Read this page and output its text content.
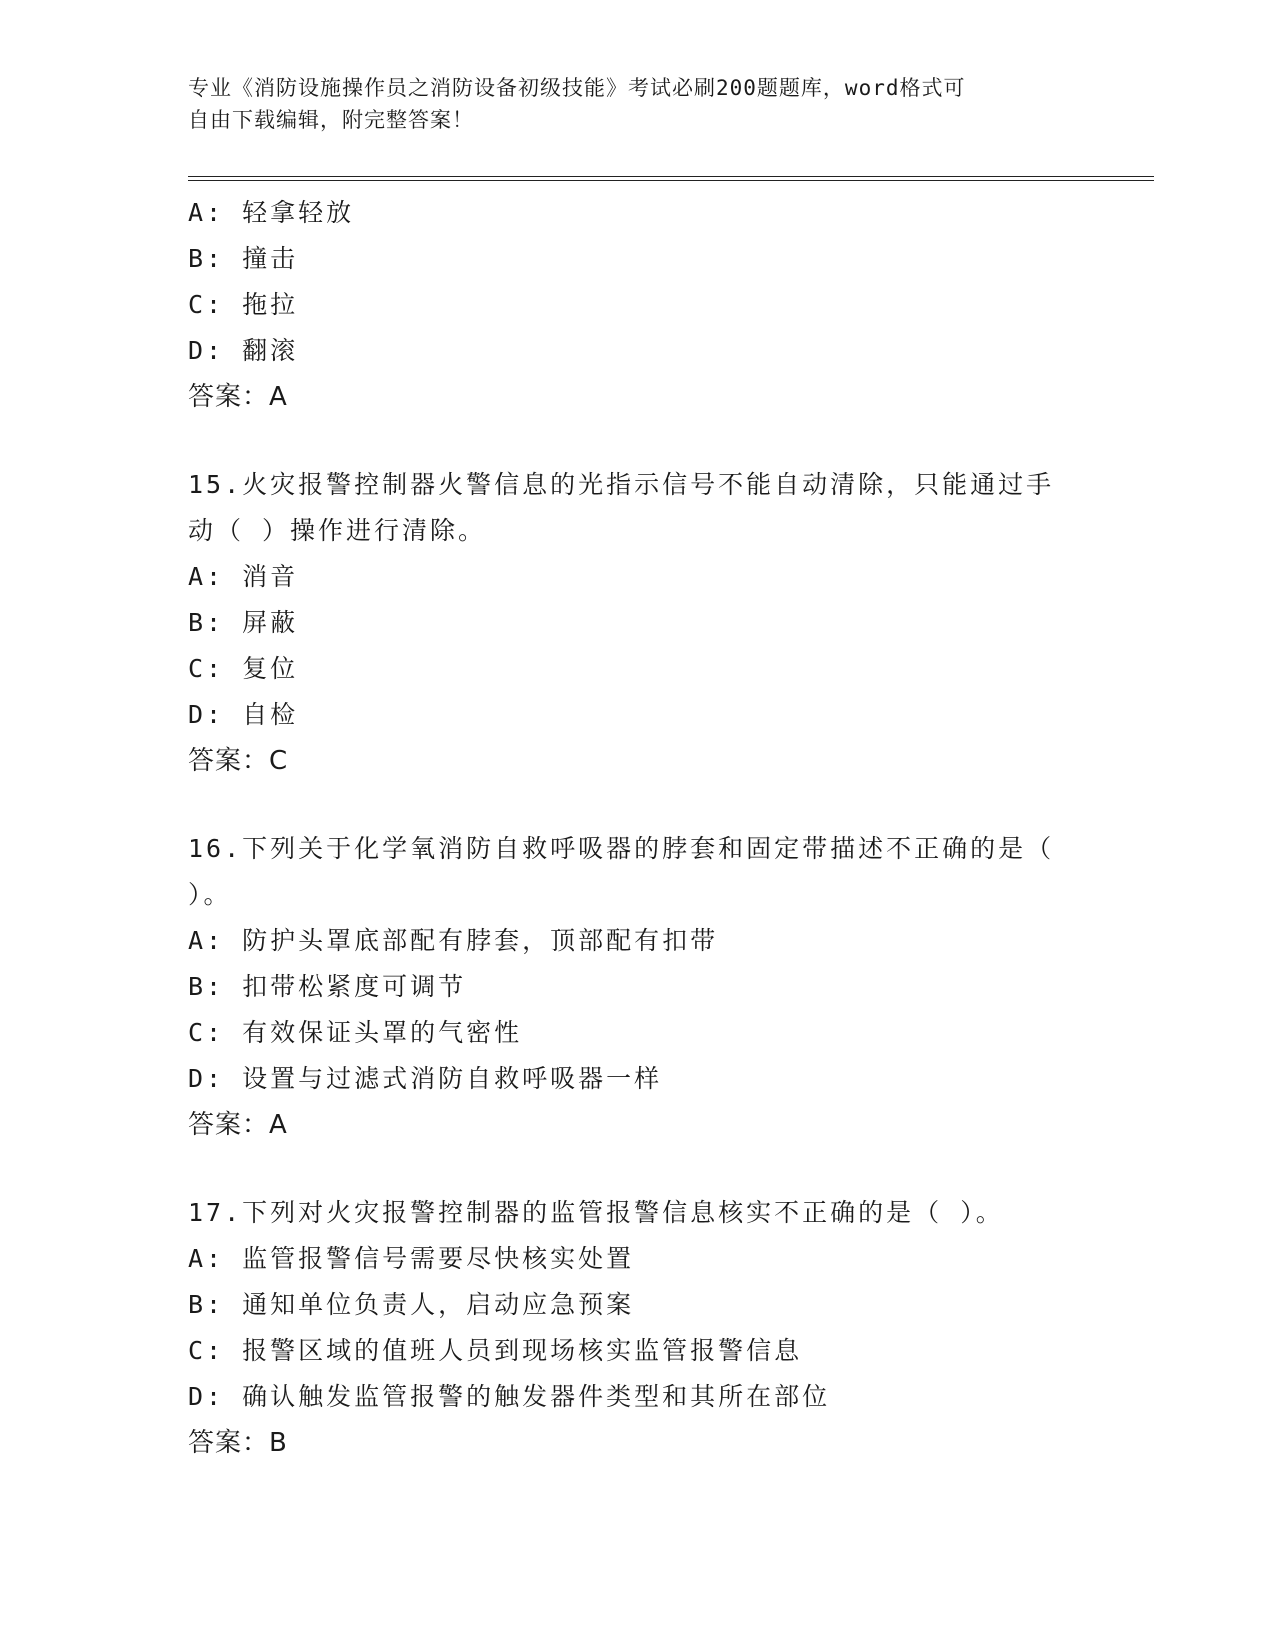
专业《消防设施操作员之消防设备初级技能》考试必刷200题题库，word格式可
自由下载编辑，附完整答案！
A: 轻拿轻放
B: 撞击
C: 拖拉
D: 翻滚
答案：A
15.火灾报警控制器火警信息的光指示信号不能自动清除，只能通过手
动（ ）操作进行清除。
A: 消音
B: 屏蔽
C: 复位
D: 自检
答案：C
16.下列关于化学氧消防自救呼吸器的脖套和固定带描述不正确的是（
）。
A: 防护头罩底部配有脖套，顶部配有扣带
B: 扣带松紧度可调节
C: 有效保证头罩的气密性
D: 设置与过滤式消防自救呼吸器一样
答案：A
17.下列对火灾报警控制器的监管报警信息核实不正确的是（ ）。
A: 监管报警信号需要尽快核实处置
B: 通知单位负责人，启动应急预案
C: 报警区域的值班人员到现场核实监管报警信息
D: 确认触发监管报警的触发器件类型和其所在部位
答案：B
